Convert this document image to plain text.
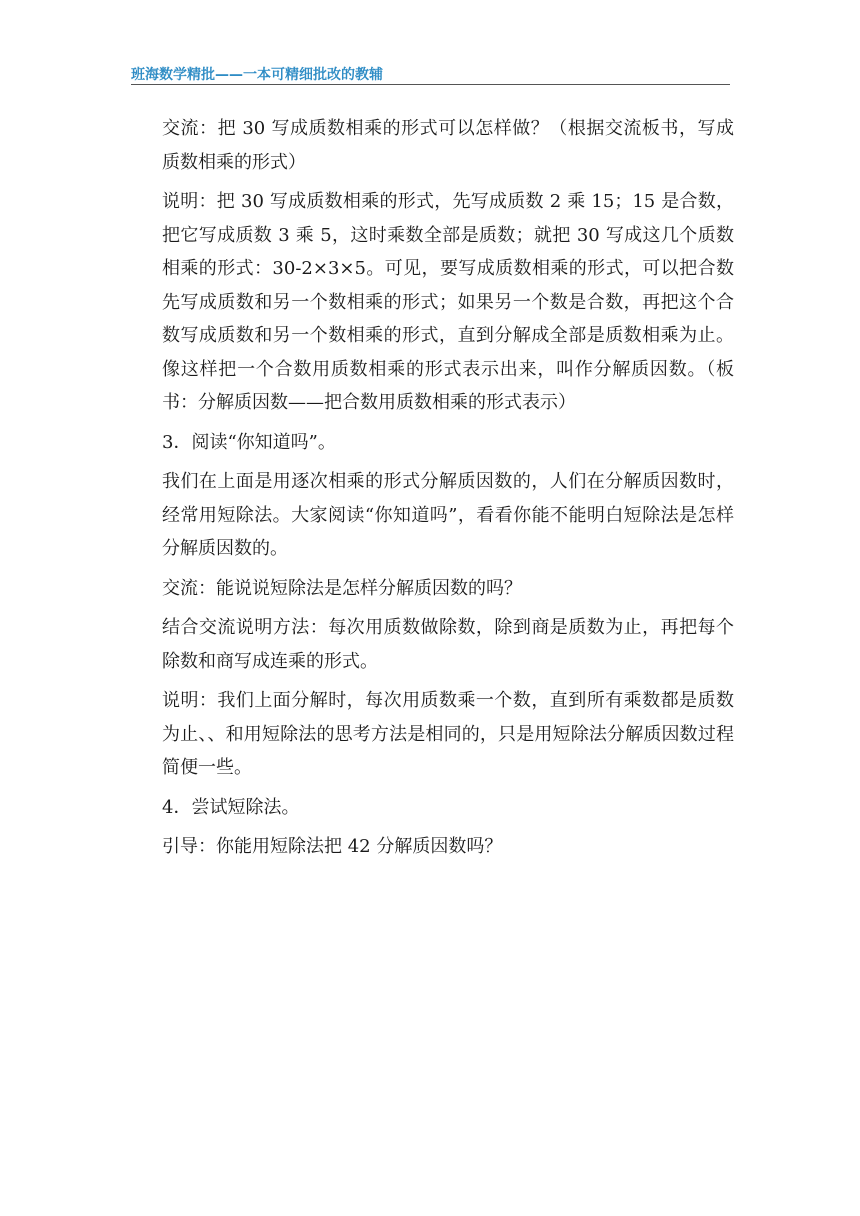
班海数学精批——一本可精细批改的教辅

交流：把 30 写成质数相乘的形式可以怎样做？（根据交流板书，写成质数相乘的形式）

说明：把 30 写成质数相乘的形式，先写成质数 2 乘 15；15 是合数，把它写成质数 3 乘 5，这时乘数全部是质数；就把 30 写成这几个质数相乘的形式：30-2×3×5。可见，要写成质数相乘的形式，可以把合数先写成质数和另一个数相乘的形式；如果另一个数是合数，再把这个合数写成质数和另一个数相乘的形式，直到分解成全部是质数相乘为止。像这样把一个合数用质数相乘的形式表示出来，叫作分解质因数。（板书：分解质因数——把合数用质数相乘的形式表示）

3．阅读“你知道吗”。

我们在上面是用逐次相乘的形式分解质因数的，人们在分解质因数时，经常用短除法。大家阅读“你知道吗”，看看你能不能明白短除法是怎样分解质因数的。

交流：能说说短除法是怎样分解质因数的吗？

结合交流说明方法：每次用质数做除数，除到商是质数为止，再把每个除数和商写成连乘的形式。

说明：我们上面分解时，每次用质数乘一个数，直到所有乘数都是质数为止、、和用短除法的思考方法是相同的，只是用短除法分解质因数过程简便一些。

4．尝试短除法。

引导：你能用短除法把 42 分解质因数吗？
